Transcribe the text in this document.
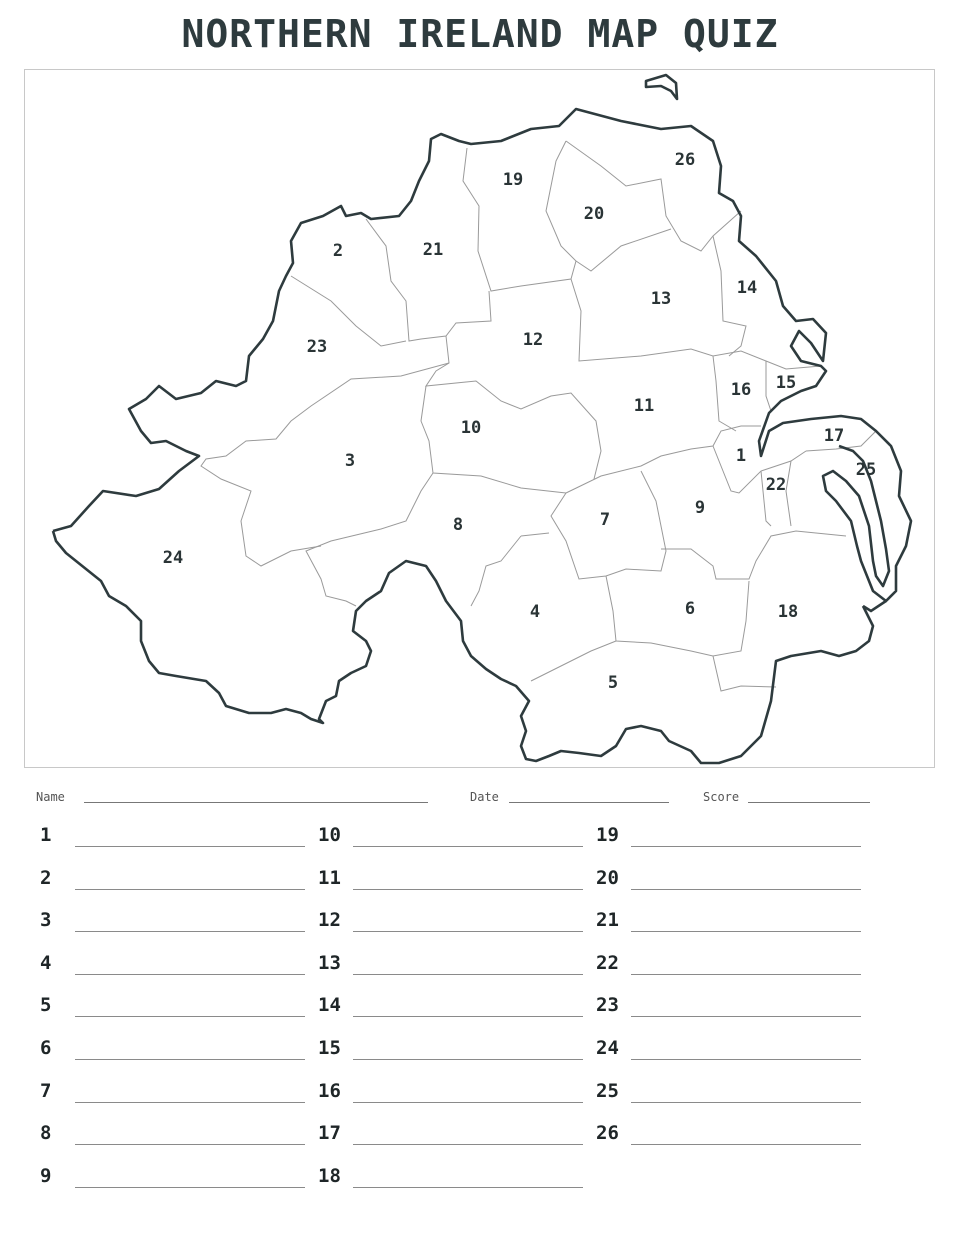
NORTHERN IRELAND MAP QUIZ
1
2
3
4
5
6
7
8
9
10
11
12
13
14
15
16
17
18
19
20
21
22
23
24
25
26
Name	Date	Score
1
2
3
4
5
6
7
8
9
10
11
12
13
14
15
16
17
18
19
20
21
22
23
24
25
26
